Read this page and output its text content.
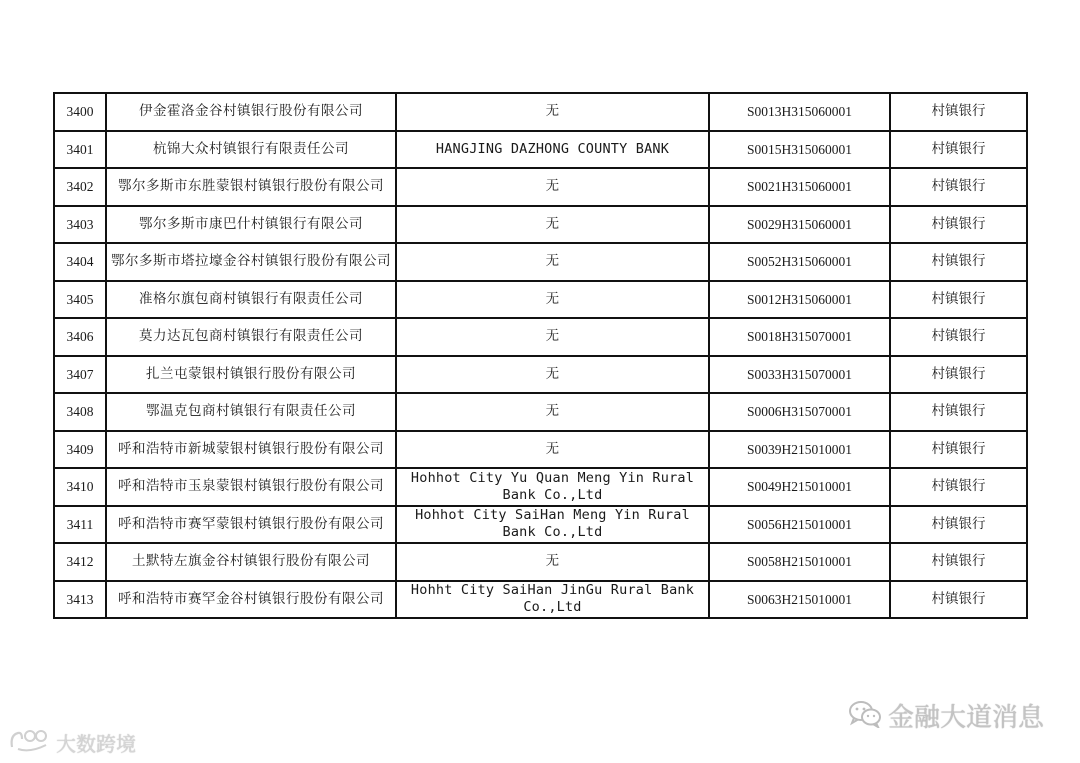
3400	伊金霍洛金谷村镇银行股份有限公司	无	S0013H315060001	村镇银行
3401	杭锦大众村镇银行有限责任公司	HANGJING DAZHONG COUNTY BANK	S0015H315060001	村镇银行
3402	鄂尔多斯市东胜蒙银村镇银行股份有限公司	无	S0021H315060001	村镇银行
3403	鄂尔多斯市康巴什村镇银行有限公司	无	S0029H315060001	村镇银行
3404	鄂尔多斯市塔拉壕金谷村镇银行股份有限公司	无	S0052H315060001	村镇银行
3405	准格尔旗包商村镇银行有限责任公司	无	S0012H315060001	村镇银行
3406	莫力达瓦包商村镇银行有限责任公司	无	S0018H315070001	村镇银行
3407	扎兰屯蒙银村镇银行股份有限公司	无	S0033H315070001	村镇银行
3408	鄂温克包商村镇银行有限责任公司	无	S0006H315070001	村镇银行
3409	呼和浩特市新城蒙银村镇银行股份有限公司	无	S0039H215010001	村镇银行
3410	呼和浩特市玉泉蒙银村镇银行股份有限公司	Hohhot City Yu Quan Meng Yin Rural Bank Co.,Ltd	S0049H215010001	村镇银行
3411	呼和浩特市赛罕蒙银村镇银行股份有限公司	Hohhot City SaiHan Meng Yin Rural Bank Co.,Ltd	S0056H215010001	村镇银行
3412	土默特左旗金谷村镇银行股份有限公司	无	S0058H215010001	村镇银行
3413	呼和浩特市赛罕金谷村镇银行股份有限公司	Hohht City SaiHan JinGu Rural Bank Co.,Ltd	S0063H215010001	村镇银行
金融大道消息
大数跨境
